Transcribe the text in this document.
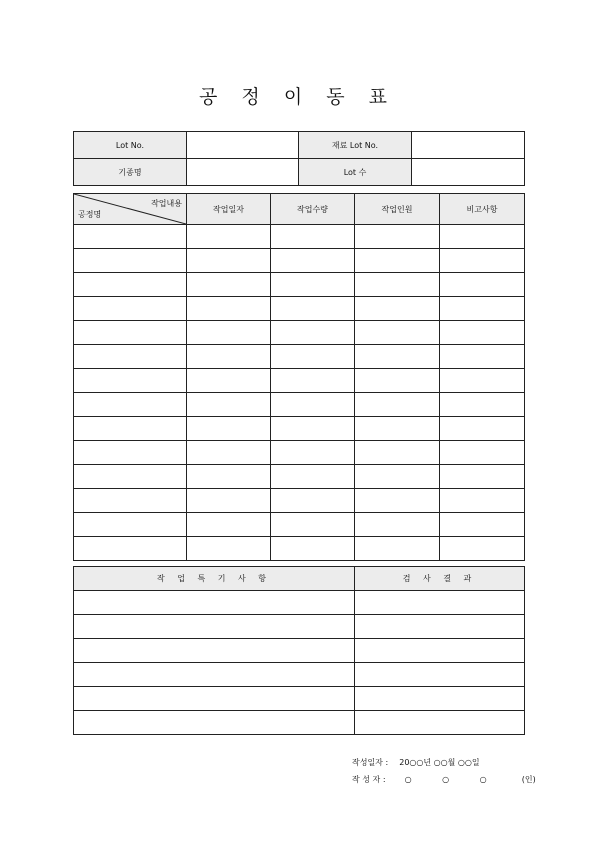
공 정 이 동 표
Lot No.		재료 Lot No.	
기종명		Lot 수	
작업내용
공정명	작업일자	작업수량	작업인원	비고사항

작 업 특 기 사 항	검 사 결 과

작성일자 : 20○○년 ○○월 ○○일
작 성 자 : ○ ○ ○	(인)
